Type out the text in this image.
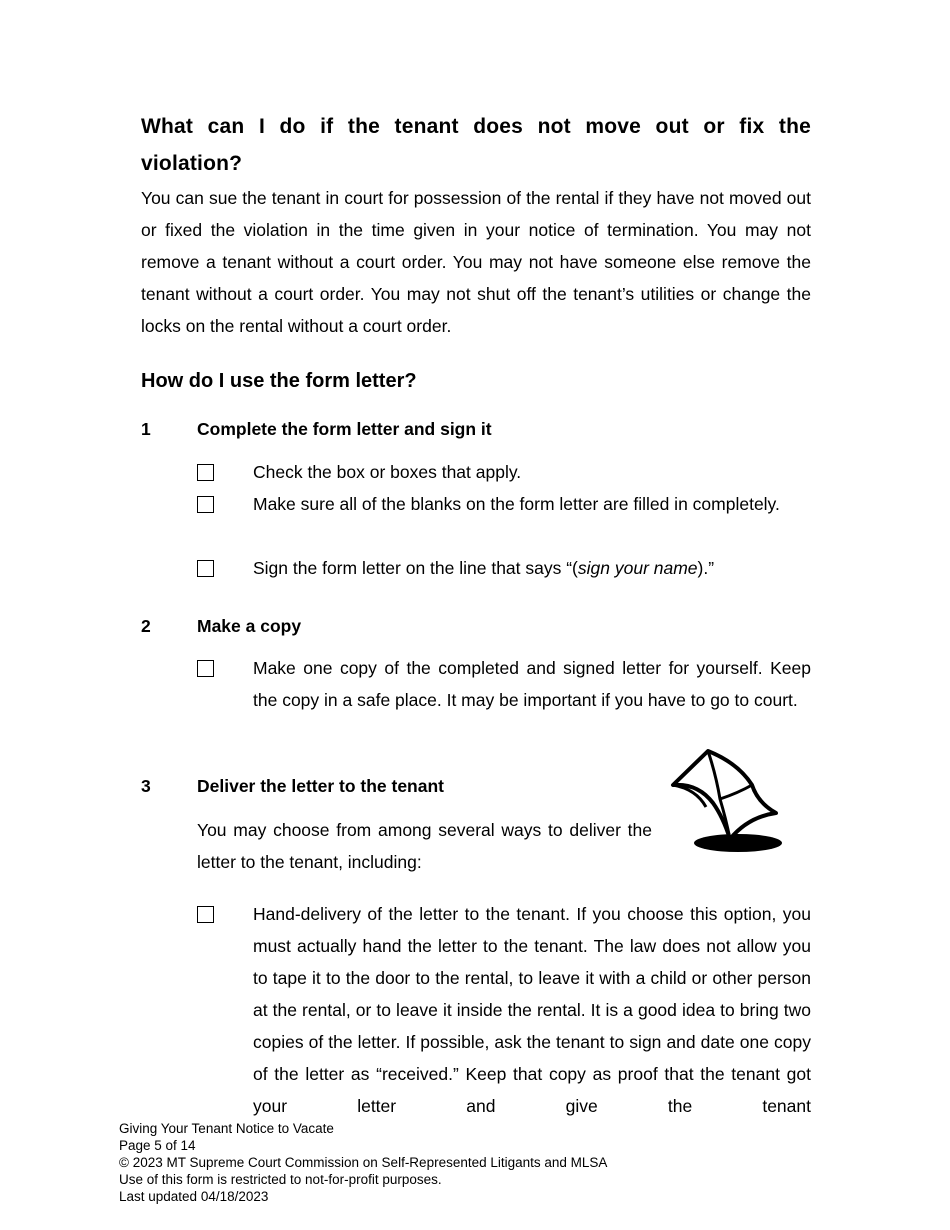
What can I do if the tenant does not move out or fix the
violation?
You can sue the tenant in court for possession of the rental if they have not moved out or fixed the violation in the time given in your notice of termination. You may not remove a tenant without a court order. You may not have someone else remove the tenant without a court order. You may not shut off the tenant’s utilities or change the locks on the rental without a court order.
How do I use the form letter?
1	Complete the form letter and sign it
Check the box or boxes that apply.
Make sure all of the blanks on the form letter are filled in completely.
Sign the form letter on the line that says “(sign your name).”
2	Make a copy
Make one copy of the completed and signed letter for yourself. Keep the copy in a safe place. It may be important if you have to go to court.
3	Deliver the letter to the tenant
You may choose from among several ways to deliver the letter to the tenant, including:
Hand-delivery of the letter to the tenant. If you choose this option, you must actually hand the letter to the tenant. The law does not allow you to tape it to the door to the rental, to leave it with a child or other person at the rental, or to leave it inside the rental. It is a good idea to bring two copies of the letter. If possible, ask the tenant to sign and date one copy of the letter as “received.” Keep that copy as proof that the tenant got your letter and give the tenant
Giving Your Tenant Notice to Vacate
Page 5 of 14
© 2023 MT Supreme Court Commission on Self-Represented Litigants and MLSA
Use of this form is restricted to not-for-profit purposes.
Last updated 04/18/2023
